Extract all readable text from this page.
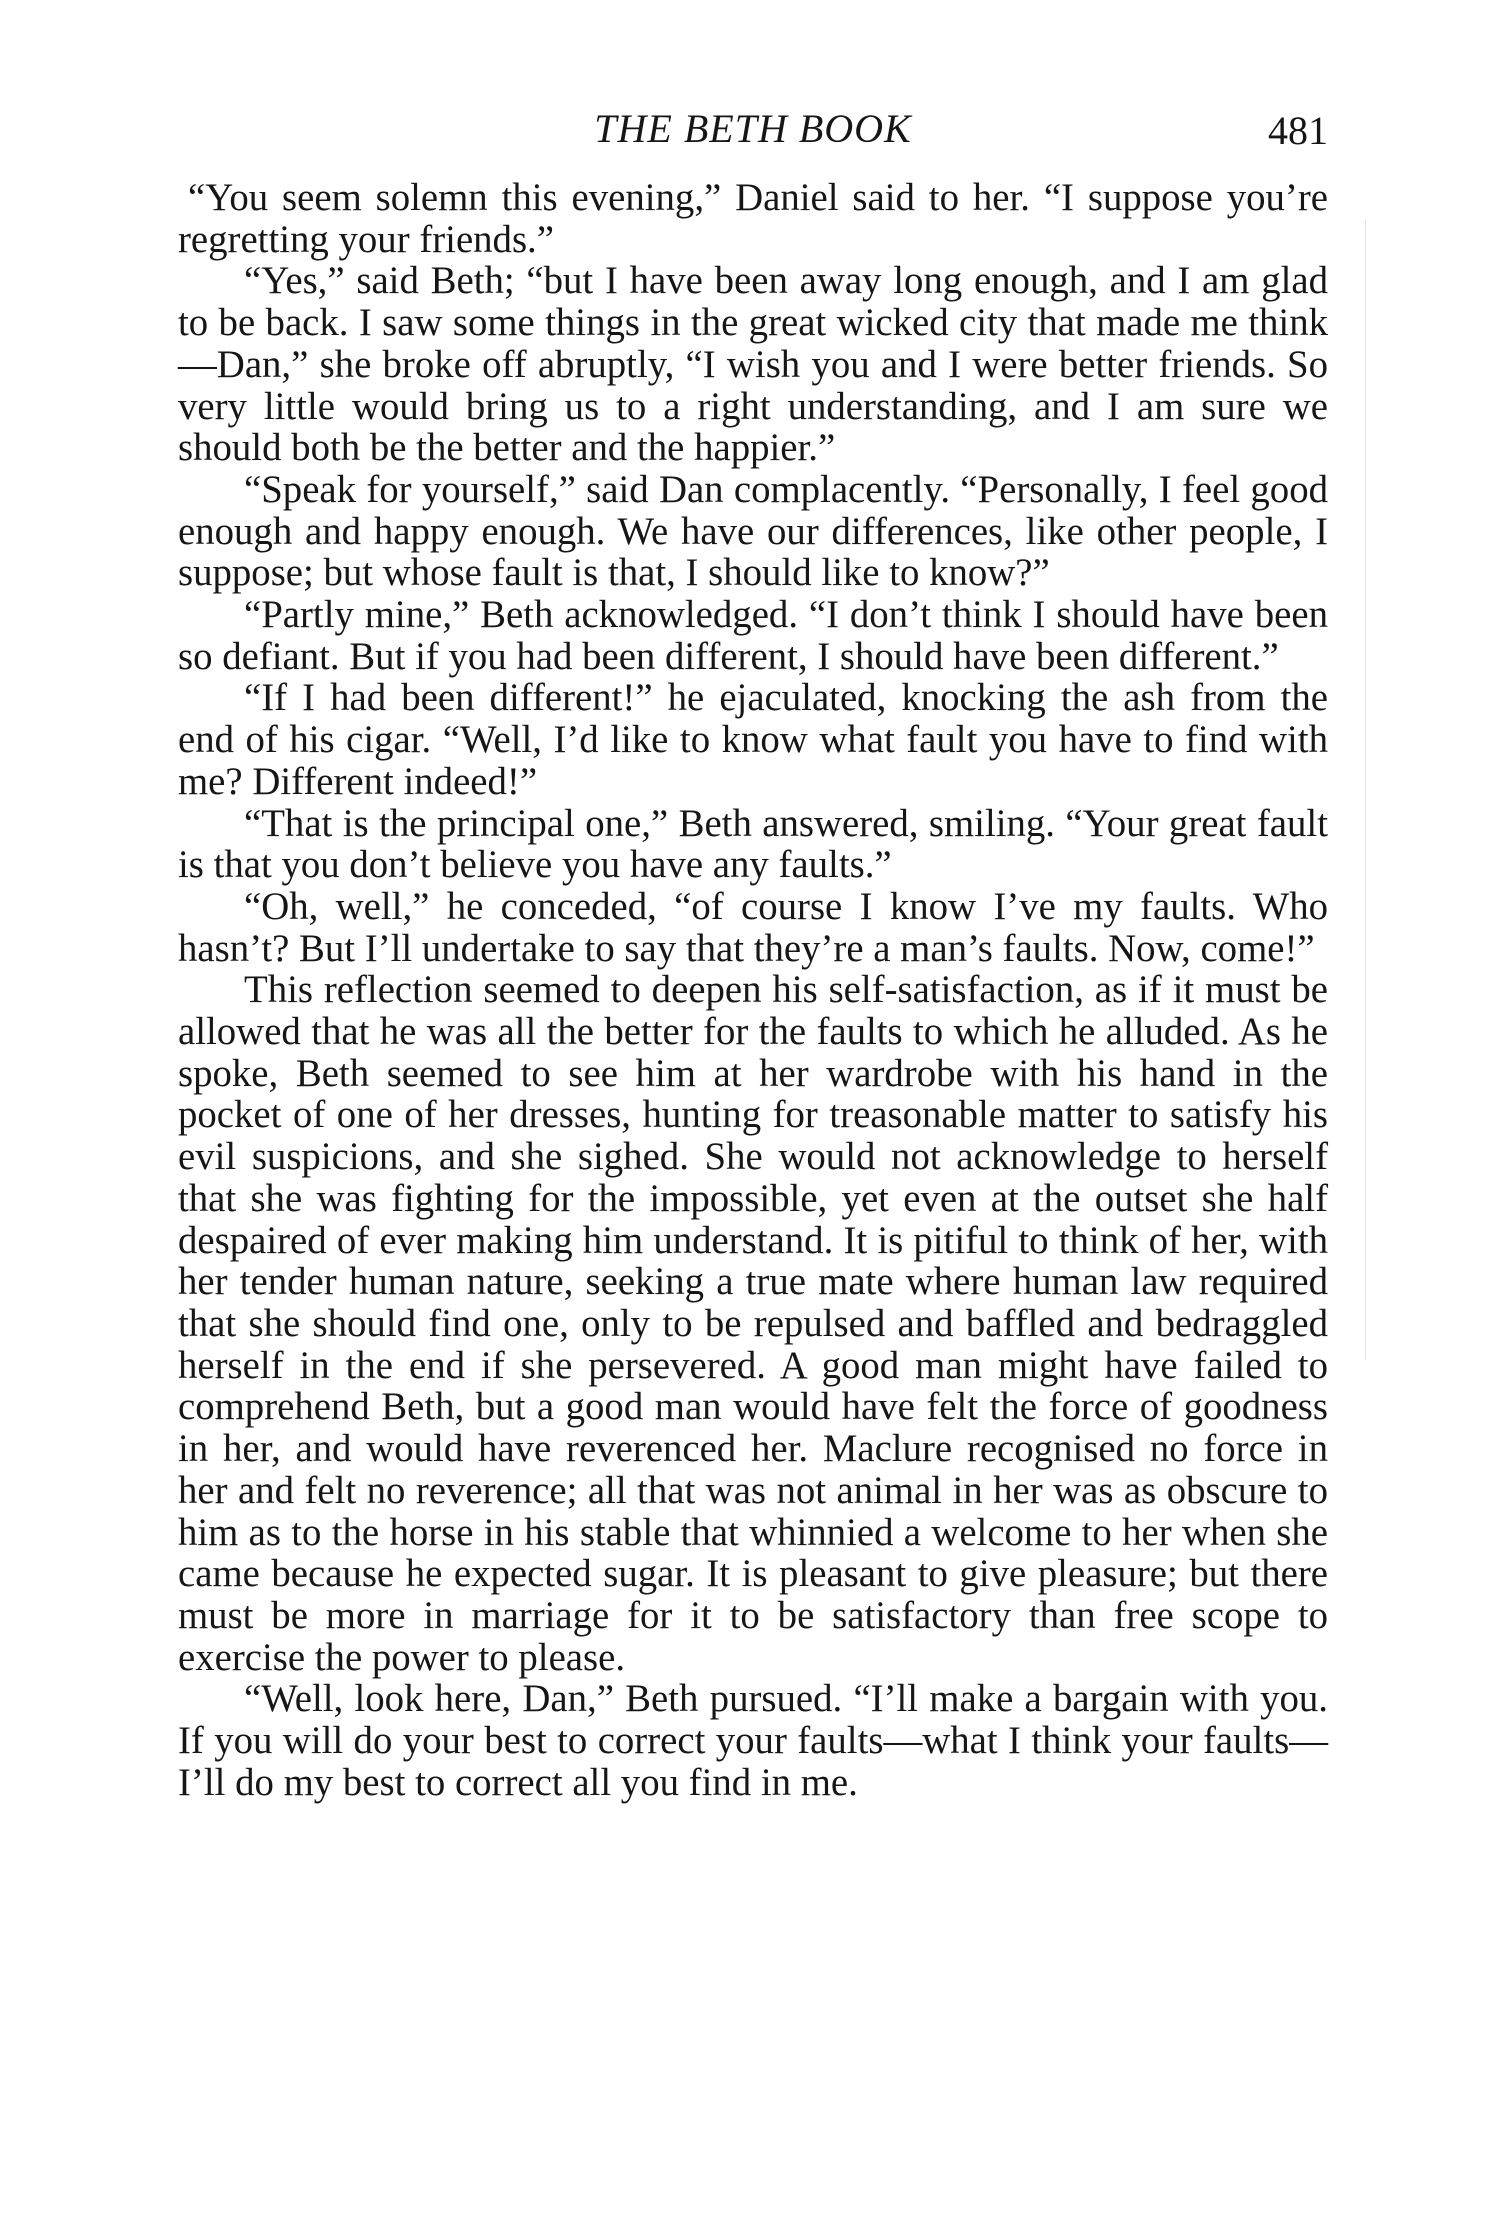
THE BETH BOOK	481

“You seem solemn this evening,” Daniel said to her. “I suppose you’re regretting your friends.”

“Yes,” said Beth; “but I have been away long enough, and I am glad to be back. I saw some things in the great wicked city that made me think—Dan,” she broke off abruptly, “I wish you and I were better friends. So very little would bring us to a right understanding, and I am sure we should both be the better and the happier.”

“Speak for yourself,” said Dan complacently. “Personally, I feel good enough and happy enough. We have our differences, like other people, I suppose; but whose fault is that, I should like to know?”

“Partly mine,” Beth acknowledged. “I don’t think I should have been so defiant. But if you had been different, I should have been different.”

“If I had been different!” he ejaculated, knocking the ash from the end of his cigar. “Well, I’d like to know what fault you have to find with me? Different indeed!”

“That is the principal one,” Beth answered, smiling. “Your great fault is that you don’t believe you have any faults.”

“Oh, well,” he conceded, “of course I know I’ve my faults. Who hasn’t? But I’ll undertake to say that they’re a man’s faults. Now, come!”

This reflection seemed to deepen his self-satisfaction, as if it must be allowed that he was all the better for the faults to which he alluded. As he spoke, Beth seemed to see him at her wardrobe with his hand in the pocket of one of her dresses, hunting for treasonable matter to satisfy his evil suspicions, and she sighed. She would not acknowledge to herself that she was fighting for the impossible, yet even at the outset she half despaired of ever making him understand. It is pitiful to think of her, with her tender human nature, seeking a true mate where human law required that she should find one, only to be repulsed and baffled and bedraggled herself in the end if she persevered. A good man might have failed to comprehend Beth, but a good man would have felt the force of goodness in her, and would have reverenced her. Maclure recognised no force in her and felt no reverence; all that was not animal in her was as obscure to him as to the horse in his stable that whinnied a welcome to her when she came because he expected sugar. It is pleasant to give pleasure; but there must be more in marriage for it to be satisfactory than free scope to exercise the power to please.

“Well, look here, Dan,” Beth pursued. “I’ll make a bargain with you. If you will do your best to correct your faults—what I think your faults—I’ll do my best to correct all you find in me.
